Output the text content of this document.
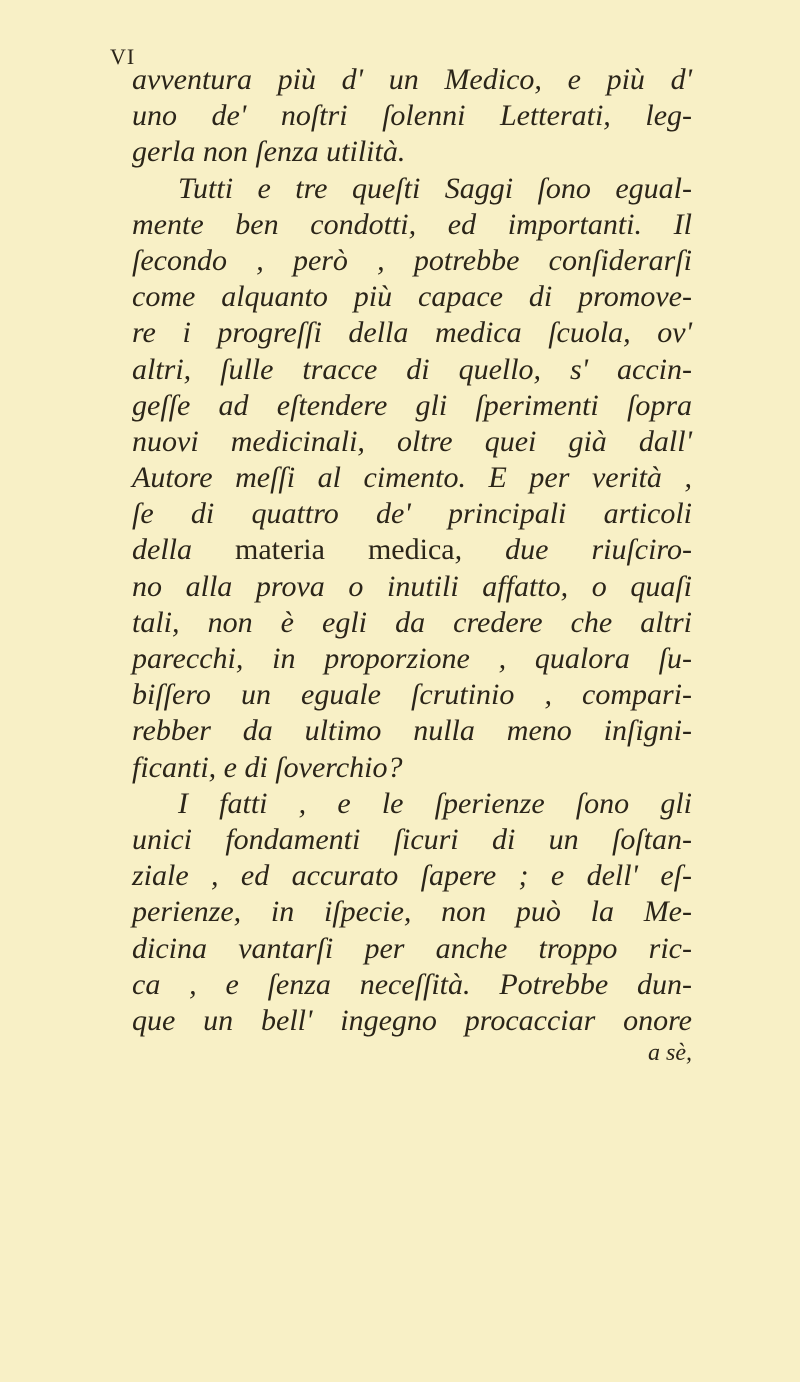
VI
avventura più d' un Medico, e più d'
uno de' noſtri ſolenni Letterati, leg-
gerla non ſenza utilità.
Tutti e tre queſti Saggi ſono egual-
mente ben condotti, ed importanti. Il
ſecondo , però , potrebbe conſiderarſi
come alquanto più capace di promove-
re i progreſſi della medica ſcuola, ov'
altri, ſulle tracce di quello, s' accin-
geſſe ad eſtendere gli ſperimenti ſopra
nuovi medicinali, oltre quei già dall'
Autore meſſi al cimento. E per verità ,
ſe di quattro de' principali articoli
della materia medica, due riuſciro-
no alla prova o inutili affatto, o quaſi
tali, non è egli da credere che altri
parecchi, in proporzione , qualora ſu-
biſſero un eguale ſcrutinio , compari-
rebber da ultimo nulla meno inſigni-
ficanti, e di ſoverchio?
I fatti , e le ſperienze ſono gli
unici fondamenti ſicuri di un ſoſtan-
ziale , ed accurato ſapere ; e dell' eſ-
perienze, in iſpecie, non può la Me-
dicina vantarſi per anche troppo ric-
ca , e ſenza neceſſità. Potrebbe dun-
que un bell' ingegno procacciar onore
a sè,
